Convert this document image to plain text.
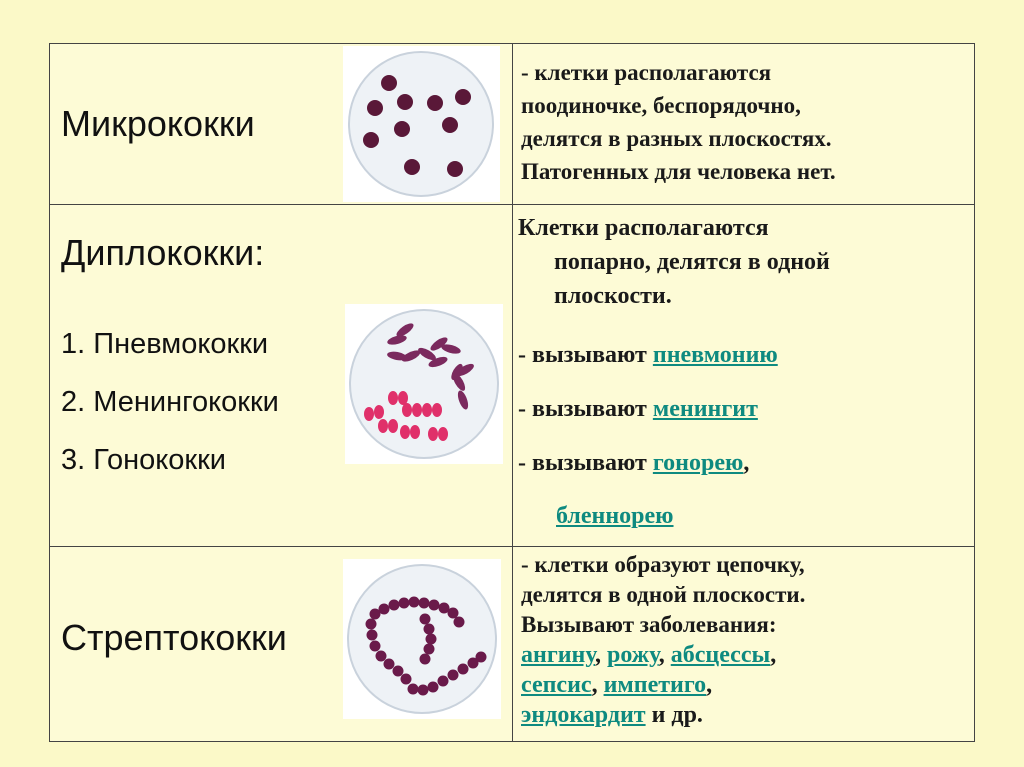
Микрококки
- клетки располагаются
поодиночке, беспорядочно,
делятся в разных плоскостях.
Патогенных для человека нет.
Диплококки:
1. Пневмококки
2. Менингококки
3. Гонококки
Клетки располагаются
попарно, делятся в одной
плоскости.
- вызывают пневмонию
- вызывают менингит
- вызывают гонорею,
бленнорею
Стрептококки
- клетки образуют цепочку,
делятся в одной плоскости.
Вызывают заболевания:
ангину, рожу, абсцессы,
сепсис, импетиго,
эндокардит и др.
